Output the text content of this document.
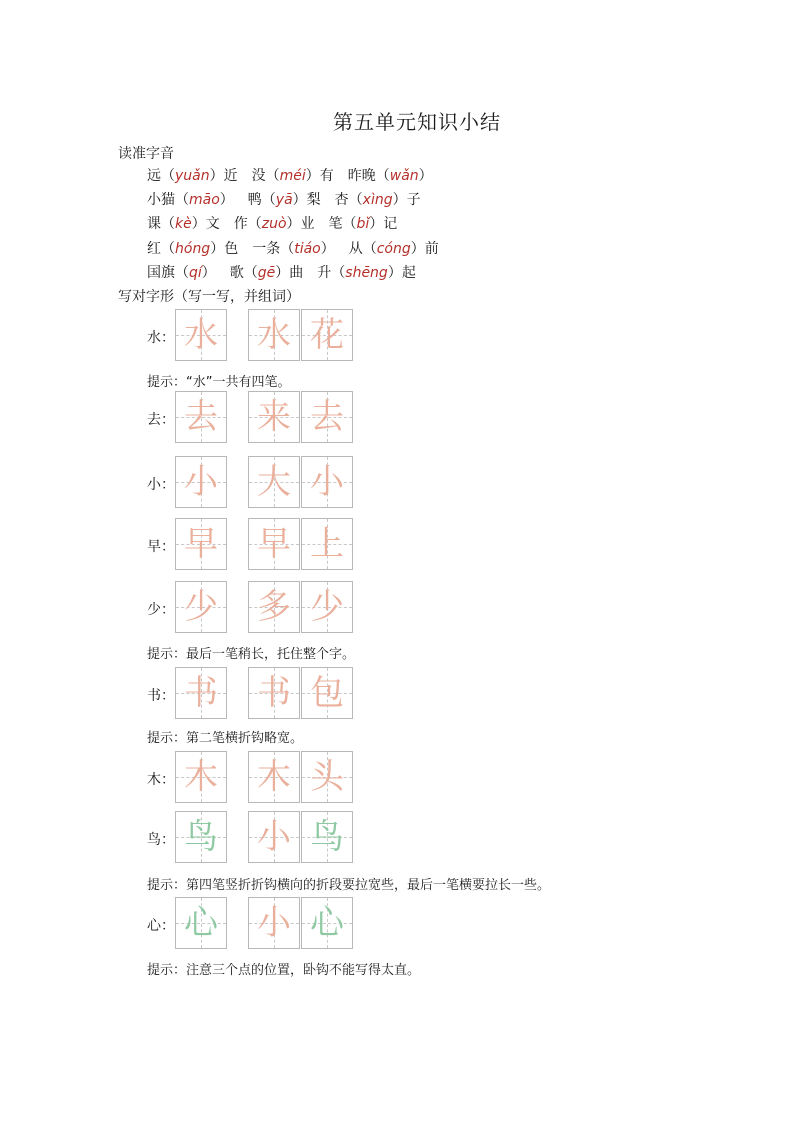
第五单元知识小结
读准字音
远（yuǎn）近 没（méi）有 昨晚（wǎn）
小猫（māo） 鸭（yā）梨 杏（xìng）子
课（kè）文 作（zuò）业 笔（bǐ）记
红（hóng）色 一条（tiáo） 从（cóng）前
国旗（qí） 歌（gē）曲 升（shēng）起
写对字形（写一写，并组词）
水： 水 水 花
提示：“水”一共有四笔。
去： 去 来 去
小： 小 大 小
早： 早 早 上
少： 少 多 少
提示：最后一笔稍长，托住整个字。
书： 书 书 包
提示：第二笔横折钩略宽。
木： 木 木 头
鸟： 鸟 小 鸟
提示：第四笔竖折折钩横向的折段要拉宽些，最后一笔横要拉长一些。
心： 心 小 心
提示：注意三个点的位置，卧钩不能写得太直。
